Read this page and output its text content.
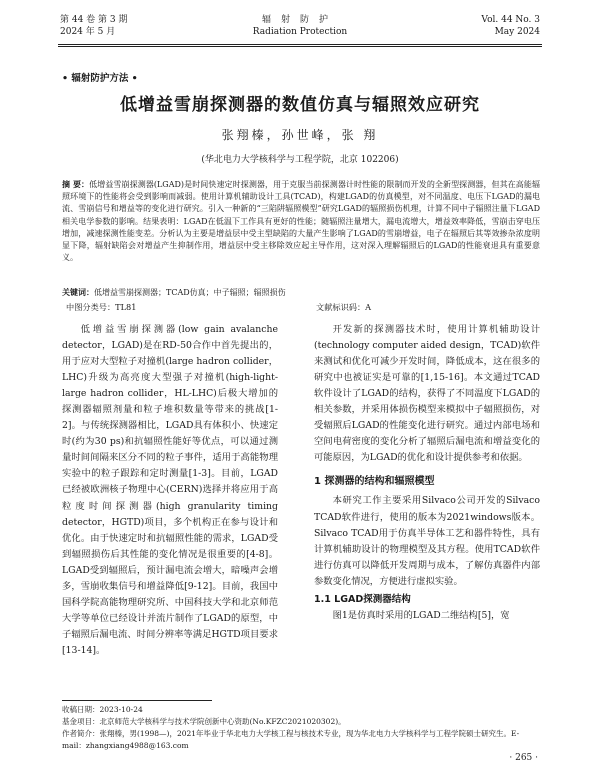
第 44 卷 第 3 期
2024 年 5 月
辐射防护
Radiation Protection
Vol. 44 No. 3
May 2024
• 辐射防护方法 •
低增益雪崩探测器的数值仿真与辐照效应研究
张翔榛，孙世峰，张 翔
(华北电力大学核科学与工程学院，北京 102206)
摘 要：低增益雪崩探测器(LGAD)是时间快速定时探测器，用于克服当前探测器计时性能的限制而开发的全新型探测器，但其在高能辐照环境下的性能将会受到影响而减弱。使用计算机辅助设计工具(TCAD)，构建LGAD的仿真模型，对不同温度、电压下LGAD的漏电流、雪崩信号和增益等的变化进行研究。引入一种新的“三陷阱辐照模型”研究LGAD的辐照损伤机理，计算不同中子辐照注量下LGAD相关电学参数的影响。结果表明：LGAD在低温下工作具有更好的性能；随辐照注量增大，漏电流增大，增益效率降低，雪崩击穿电压增加，减速探测性能变差。分析认为主要是增益层中受主型缺陷的大量产生影响了LGAD的雪崩增益，电子在辐照后其等效掺杂浓度明显下降，辐射缺陷会对增益产生抑制作用，增益层中受主移除效应起主导作用，这对深入理解辐照后的LGAD的性能衰退具有重要意义。
关键词：低增益雪崩探测器；TCAD仿真；中子辐照；辐照损伤
中图分类号：TL81	文献标识码：A

低增益雪崩探测器(low gain avalanche detector，LGAD)是在RD-50合作中首先提出的，用于应对大型粒子对撞机(large hadron collider，LHC)升级为高亮度大型强子对撞机(high-light-large hadron collider，HL-LHC)后极大增加的探测器辐照剂量和粒子堆积数量等带来的挑战[1-2]。与传统探测器相比，LGAD具有体积小、快速定时(约为30 ps)和抗辐照性能好等优点，可以通过测量时间间隔来区分不同的粒子事件，适用于高能物理实验中的粒子跟踪和定时测量[1-3]。目前，LGAD已经被欧洲核子物理中心(CERN)选择并将应用于高粒度时间探测器(high granularity timing detector，HGTD)项目，多个机构正在参与设计和优化。由于快速定时和抗辐照性能的需求，LGAD受到辐照损伤后其性能的变化情况是很重要的[4-8]。LGAD受到辐照后，预计漏电流会增大，暗噪声会增多，雪崩收集信号和增益降低[9-12]。目前，我国中国科学院高能物理研究所、中国科技大学和北京师范大学等单位已经设计并流片制作了LGAD的原型，中子辐照后漏电流、时间分辨率等满足HGTD项目要求[13-14]。

开发新的探测器技术时，使用计算机辅助设计(technology computer aided design，TCAD)软件来测试和优化可减少开发时间，降低成本，这在很多的研究中也被证实是可靠的[1,15-16]。本文通过TCAD软件设计了LGAD的结构，获得了不同温度下LGAD的相关参数，并采用体损伤模型来模拟中子辐照损伤，对受辐照后LGAD的性能变化进行研究。通过内部电场和空间电荷密度的变化分析了辐照后漏电流和增益变化的可能原因，为LGAD的优化和设计提供参考和依据。

1 探测器的结构和辐照模型

本研究工作主要采用Silvaco公司开发的Silvaco TCAD软件进行，使用的版本为2021windows版本。Silvaco TCAD用于仿真半导体工艺和器件特性，具有计算机辅助设计的物理模型及其方程。使用TCAD软件进行仿真可以降低开发周期与成本，了解仿真器件内部参数变化情况，方便进行虚拟实验。

1.1 LGAD探测器结构

图1是仿真时采用的LGAD二维结构[5]，宽

收稿日期：2023-10-24
基金项目：北京师范大学核科学与技术学院创新中心资助(No.KFZC2021020302)。
作者简介：张翔榛，男(1998—)，2021年毕业于华北电力大学核工程与核技术专业，现为华北电力大学核科学与工程学院硕士研究生。E-mail：zhangxiang4988@163.com
· 265 ·
